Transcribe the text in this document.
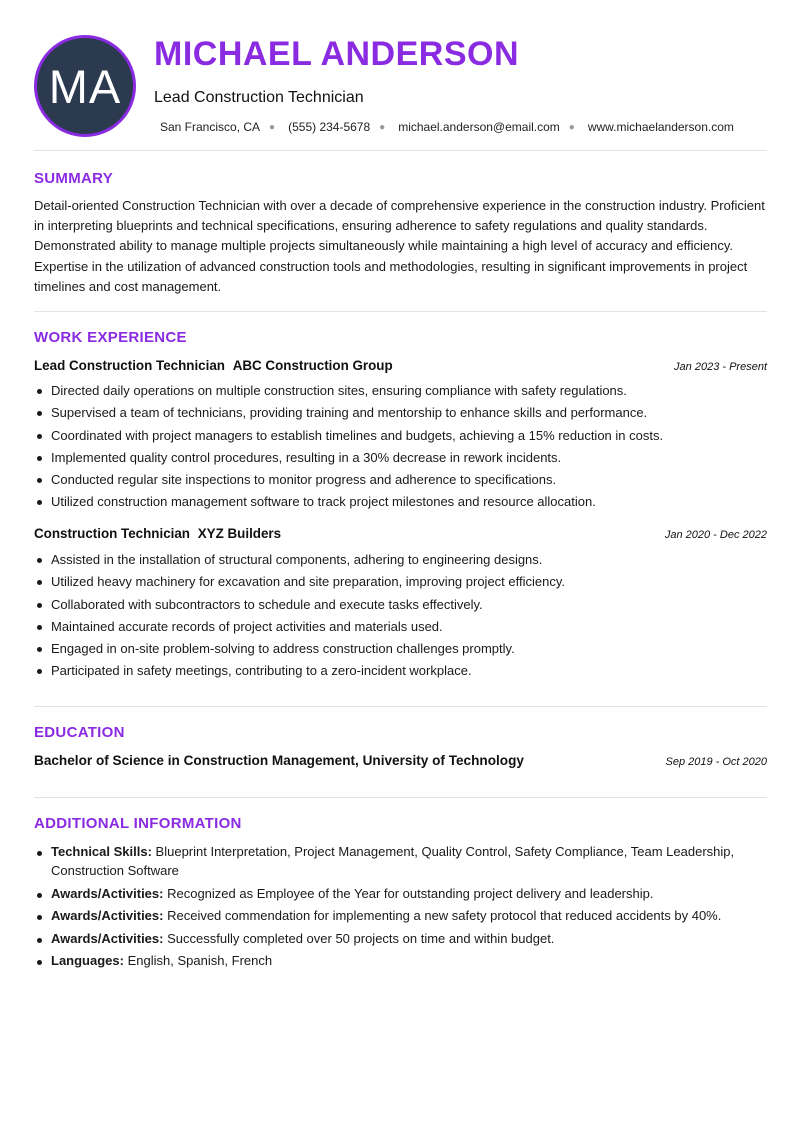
MA
MICHAEL ANDERSON
Lead Construction Technician
San Francisco, CA ● (555) 234-5678 ● michael.anderson@email.com ● www.michaelanderson.com
SUMMARY

Detail-oriented Construction Technician with over a decade of comprehensive experience in the construction industry. Proficient in interpreting blueprints and technical specifications, ensuring adherence to safety regulations and quality standards. Demonstrated ability to manage multiple projects simultaneously while maintaining a high level of accuracy and efficiency. Expertise in the utilization of advanced construction tools and methodologies, resulting in significant improvements in project timelines and cost management.

WORK EXPERIENCE
Lead Construction Technician ABC Construction Group	Jan 2023 - Present
Directed daily operations on multiple construction sites, ensuring compliance with safety regulations.
Supervised a team of technicians, providing training and mentorship to enhance skills and performance.
Coordinated with project managers to establish timelines and budgets, achieving a 15% reduction in costs.
Implemented quality control procedures, resulting in a 30% decrease in rework incidents.
Conducted regular site inspections to monitor progress and adherence to specifications.
Utilized construction management software to track project milestones and resource allocation.
Construction Technician XYZ Builders	Jan 2020 - Dec 2022
Assisted in the installation of structural components, adhering to engineering designs.
Utilized heavy machinery for excavation and site preparation, improving project efficiency.
Collaborated with subcontractors to schedule and execute tasks effectively.
Maintained accurate records of project activities and materials used.
Engaged in on-site problem-solving to address construction challenges promptly.
Participated in safety meetings, contributing to a zero-incident workplace.
EDUCATION
Bachelor of Science in Construction Management, University of Technology	Sep 2019 - Oct 2020
ADDITIONAL INFORMATION
Technical Skills: Blueprint Interpretation, Project Management, Quality Control, Safety Compliance, Team Leadership, Construction Software
Awards/Activities: Recognized as Employee of the Year for outstanding project delivery and leadership.
Awards/Activities: Received commendation for implementing a new safety protocol that reduced accidents by 40%.
Awards/Activities: Successfully completed over 50 projects on time and within budget.
Languages: English, Spanish, French
